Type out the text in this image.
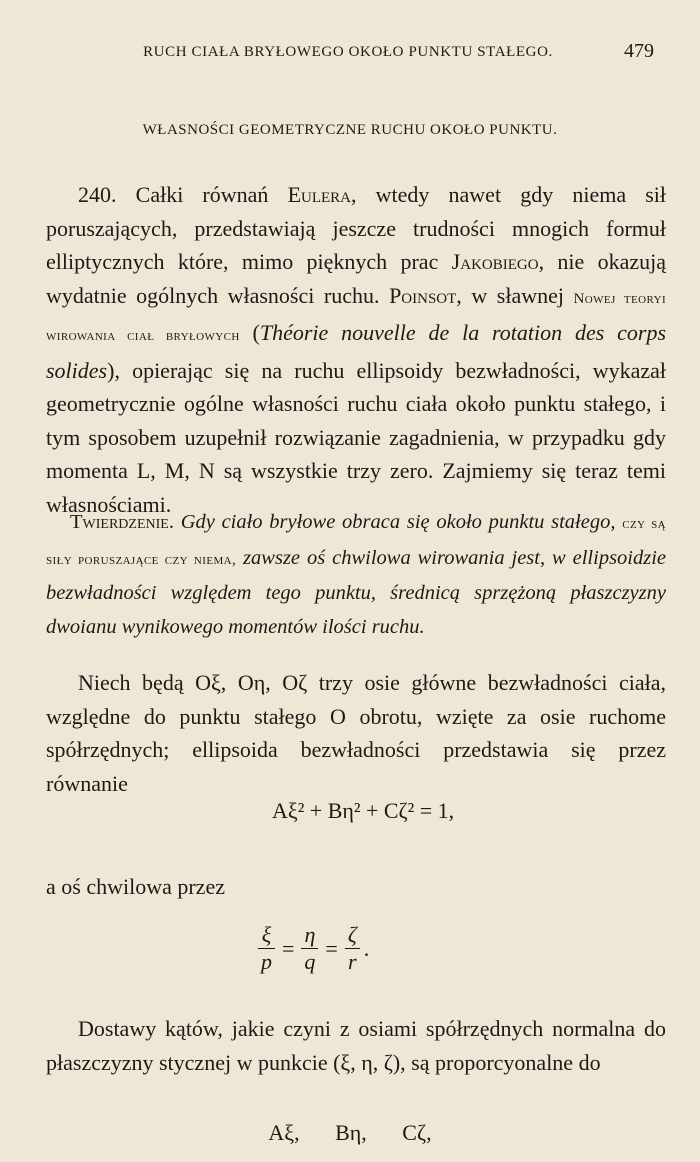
RUCH CIAŁA BRYŁOWEGO OKOŁO PUNKTU STAŁEGO.	479
WŁASNOŚCI GEOMETRYCZNE RUCHU OKOŁO PUNKTU.
240. Całki równań Eulera, wtedy nawet gdy niema sił poruszających, przedstawiają jeszcze trudności mnogich formuł elliptycznych które, mimo pięknych prac Jakobiego, nie okazują wydatnie ogólnych własności ruchu. Poinsot, w sławnej Nowej teoryi wirowania ciał bryłowych (Théorie nouvelle de la rotation des corps solides), opierając się na ruchu ellipsoidy bezwładności, wykazał geometrycznie ogólne własności ruchu ciała około punktu stałego, i tym sposobem uzupełnił rozwiązanie zagadnienia, w przypadku gdy momenta L, M, N są wszystkie trzy zero. Zajmiemy się teraz temi własnościami.
Twierdzenie. Gdy ciało bryłowe obraca się około punktu stałego, czy są siły poruszające czy niema, zawsze oś chwilowa wirowania jest, w ellipsoidzie bezwładności względem tego punktu, średnicą sprzężoną płaszczyzny dwoianu wynikowego momentów ilości ruchu.
Niech będą Oξ, Oη, Oζ trzy osie główne bezwładności ciała, względne do punktu stałego O obrotu, wzięte za osie ruchome spółrzędnych; ellipsoida bezwładności przedstawia się przez równanie
Aξ² + Bη² + Cζ² = 1,
a oś chwilowa przez
$\frac{\xi}{p} = \frac{\eta}{q} = \frac{\zeta}{r}$ .
Dostawy kątów, jakie czyni z osiami spółrzędnych normalna do płaszczyzny stycznej w punkcie (ξ, η, ζ), są proporcyonalne do
Aξ, Bη, Cζ,
